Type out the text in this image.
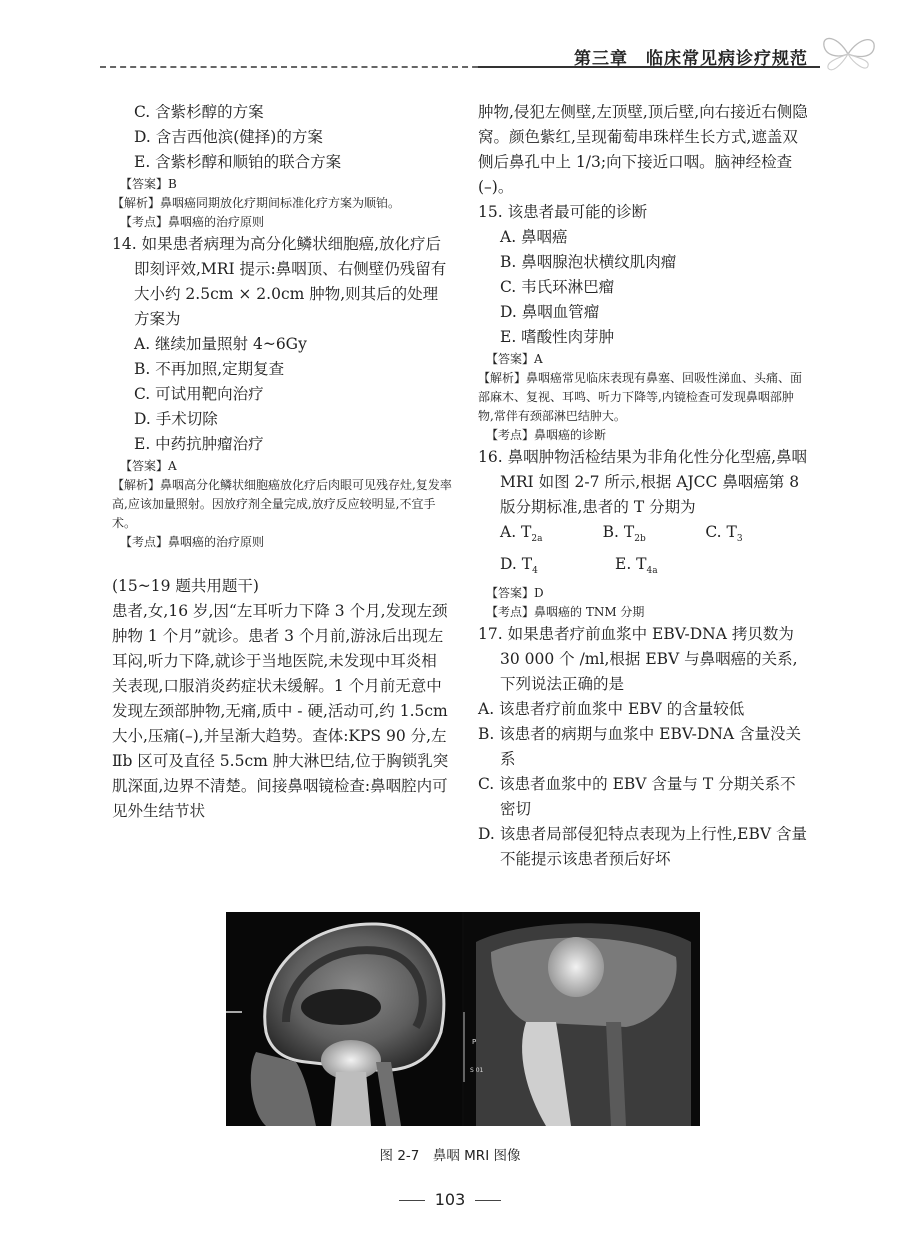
第三章　临床常见病诊疗规范

C. 含紫杉醇的方案

D. 含吉西他滨(健择)的方案

E. 含紫杉醇和顺铂的联合方案

【答案】B

【解析】鼻咽癌同期放化疗期间标准化疗方案为顺铂。

【考点】鼻咽癌的治疗原则

14. 如果患者病理为高分化鳞状细胞癌,放化疗后即刻评效,MRI 提示:鼻咽顶、右侧壁仍残留有大小约 2.5cm × 2.0cm 肿物,则其后的处理方案为

A. 继续加量照射 4~6Gy

B. 不再加照,定期复查

C. 可试用靶向治疗

D. 手术切除

E. 中药抗肿瘤治疗

【答案】A

【解析】鼻咽高分化鳞状细胞癌放化疗后肉眼可见残存灶,复发率高,应该加量照射。因放疗剂全量完成,放疗反应较明显,不宜手术。

【考点】鼻咽癌的治疗原则

(15~19 题共用题干)

患者,女,16 岁,因“左耳听力下降 3 个月,发现左颈肿物 1 个月”就诊。患者 3 个月前,游泳后出现左耳闷,听力下降,就诊于当地医院,未发现中耳炎相关表现,口服消炎药症状未缓解。1 个月前无意中发现左颈部肿物,无痛,质中 - 硬,活动可,约 1.5cm 大小,压痛(–),并呈渐大趋势。查体:KPS 90 分,左Ⅱb 区可及直径 5.5cm 肿大淋巴结,位于胸锁乳突肌深面,边界不清楚。间接鼻咽镜检查:鼻咽腔内可见外生结节状

肿物,侵犯左侧壁,左顶壁,顶后壁,向右接近右侧隐窝。颜色紫红,呈现葡萄串珠样生长方式,遮盖双侧后鼻孔中上 1/3;向下接近口咽。脑神经检查(–)。

15. 该患者最可能的诊断

A. 鼻咽癌

B. 鼻咽腺泡状横纹肌肉瘤

C. 韦氏环淋巴瘤

D. 鼻咽血管瘤

E. 嗜酸性肉芽肿

【答案】A

【解析】鼻咽癌常见临床表现有鼻塞、回吸性涕血、头痛、面部麻木、复视、耳鸣、听力下降等,内镜检查可发现鼻咽部肿物,常伴有颈部淋巴结肿大。

【考点】鼻咽癌的诊断

16. 鼻咽肿物活检结果为非角化性分化型癌,鼻咽 MRI 如图 2-7 所示,根据 AJCC 鼻咽癌第 8 版分期标准,患者的 T 分期为

A. $T_{2a}$	B. $T_{2b}$	C. $T_3$
D. $T_4$	E. $T_{4a}$

【答案】D

【考点】鼻咽癌的 TNM 分期

17. 如果患者疗前血浆中 EBV-DNA 拷贝数为 30 000 个 /ml,根据 EBV 与鼻咽癌的关系,下列说法正确的是

A. 该患者疗前血浆中 EBV 的含量较低

B. 该患者的病期与血浆中 EBV-DNA 含量没关系

C. 该患者血浆中的 EBV 含量与 T 分期关系不密切

D. 该患者局部侵犯特点表现为上行性,EBV 含量不能提示该患者预后好坏

P
S 01
图 2-7　鼻咽 MRI 图像
103
